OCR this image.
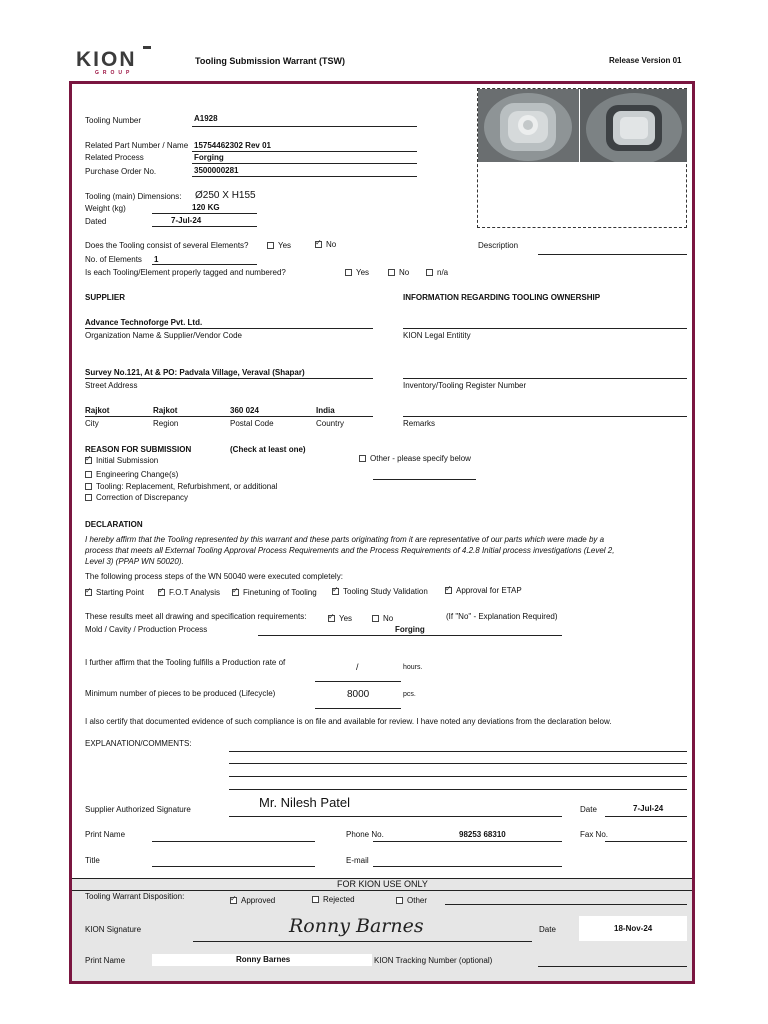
KION
GROUP
Tooling Submission Warrant (TSW)	Release Version 01
Tooling Number	A1928
Related Part Number / Name 15754462302 Rev 01
Related Process	Forging
Purchase Order No.	3500000281
Tooling (main) Dimensions: Ø250 X H155
Weight (kg)	120 KG
Dated	7-Jul-24
Does the Tooling consist of several Elements?	Yes ✓	No	Description
No. of Elements 1
Is each Tooling/Element properly tagged and numbered?	Yes	No	n/a
SUPPLIER	INFORMATION REGARDING TOOLING OWNERSHIP
Advance Technoforge Pvt. Ltd.
Organization Name & Supplier/Vendor Code	KION Legal Entitity
Survey No.121, At & PO: Padvala Village, Veraval (Shapar)
Street Address	Inventory/Tooling Register Number
Rajkot	Rajkot	360 024	India
City	Region	Postal Code	Country	Remarks
REASON FOR SUBMISSION	(Check at least one)
✓Initial Submission
Engineering Change(s)
Tooling: Replacement, Refurbishment, or additional
Correction of Discrepancy
Other - please specify below
DECLARATION
I hereby affirm that the Tooling represented by this warrant and these parts originating from it are representative of our parts which were made by a
process that meets all External Tooling Approval Process Requirements and the Process Requirements of 4.2.8 Initial process investigations (Level 2,
Level 3) (PPAP WN 50020).
The following process steps of the WN 50040 were executed completely:
✓Starting Point ✓	F.O.T Analysis ✓	Finetuning of Tooling ✓	Tooling Study Validation ✓	Approval for ETAP
These results meet all drawing and specification requirements: ✓	Yes	No	(If "No" - Explanation Required)
Mold / Cavity / Production Process	Forging
I further affirm that the Tooling fulfills a Production rate of	/	hours.
Minimum number of pieces to be produced (Lifecycle)	8000	pcs.
I also certify that documented evidence of such compliance is on file and available for review. I have noted any deviations from the declaration below.
EXPLANATION/COMMENTS:
Supplier Authorized Signature	Mr. Nilesh Patel	Date	7-Jul-24
Print Name	Phone No.	98253 68310	Fax No.
Title	E-mail
FOR KION USE ONLY
Tooling Warrant Disposition: ✓	Approved	Rejected	Other
KION Signature	Ronny Barnes	Date	18-Nov-24
Print Name	Ronny Barnes	KION Tracking Number (optional)
